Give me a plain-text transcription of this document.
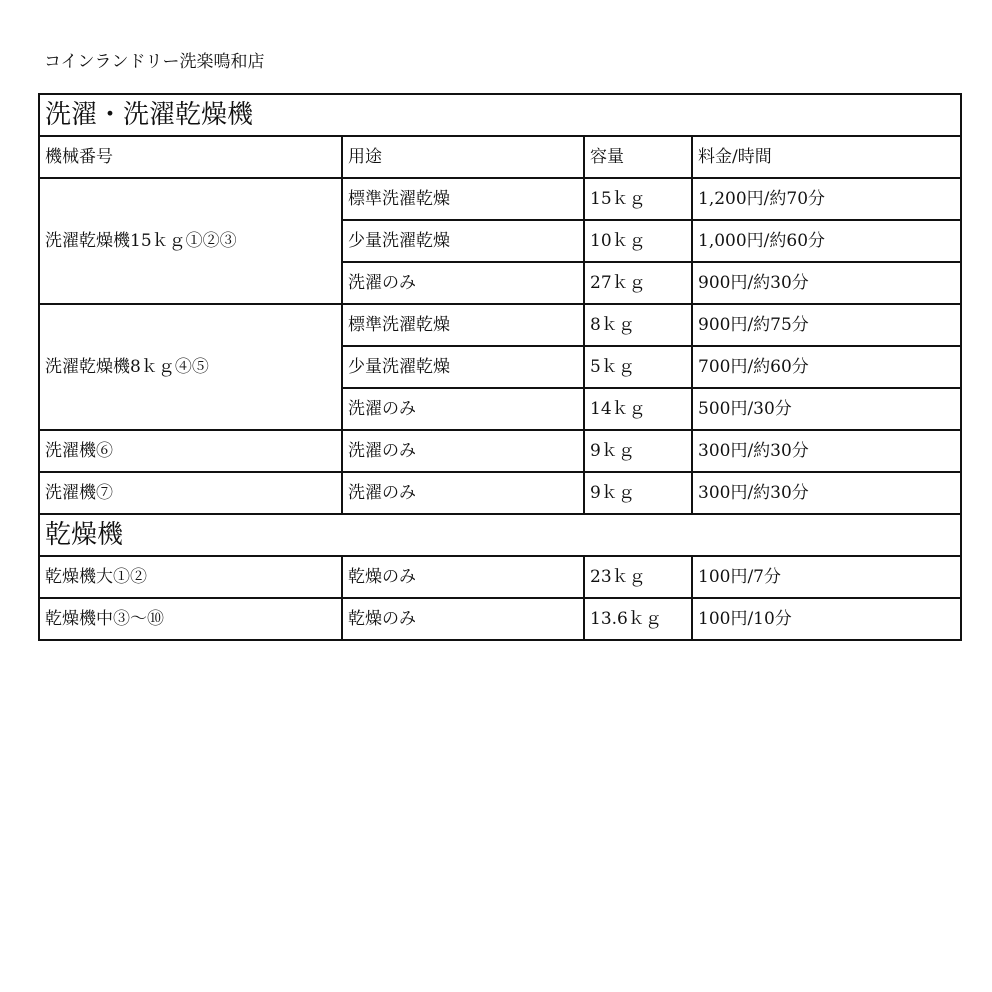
コインランドリー洗楽鳴和店
洗濯・洗濯乾燥機			
機械番号	用途	容量	料金/時間
洗濯乾燥機15ｋｇ①②③	標準洗濯乾燥	15ｋｇ	1,200円/約70分
	少量洗濯乾燥	10ｋｇ	1,000円/約60分
	洗濯のみ	27ｋｇ	900円/約30分
洗濯乾燥機8ｋｇ④⑤	標準洗濯乾燥	8ｋｇ	900円/約75分
	少量洗濯乾燥	5ｋｇ	700円/約60分
	洗濯のみ	14ｋｇ	500円/30分
洗濯機⑥	洗濯のみ	9ｋｇ	300円/約30分
洗濯機⑦	洗濯のみ	9ｋｇ	300円/約30分
乾燥機			
乾燥機大①②	乾燥のみ	23ｋｇ	100円/7分
乾燥機中③～⑩	乾燥のみ	13.6ｋｇ	100円/10分
